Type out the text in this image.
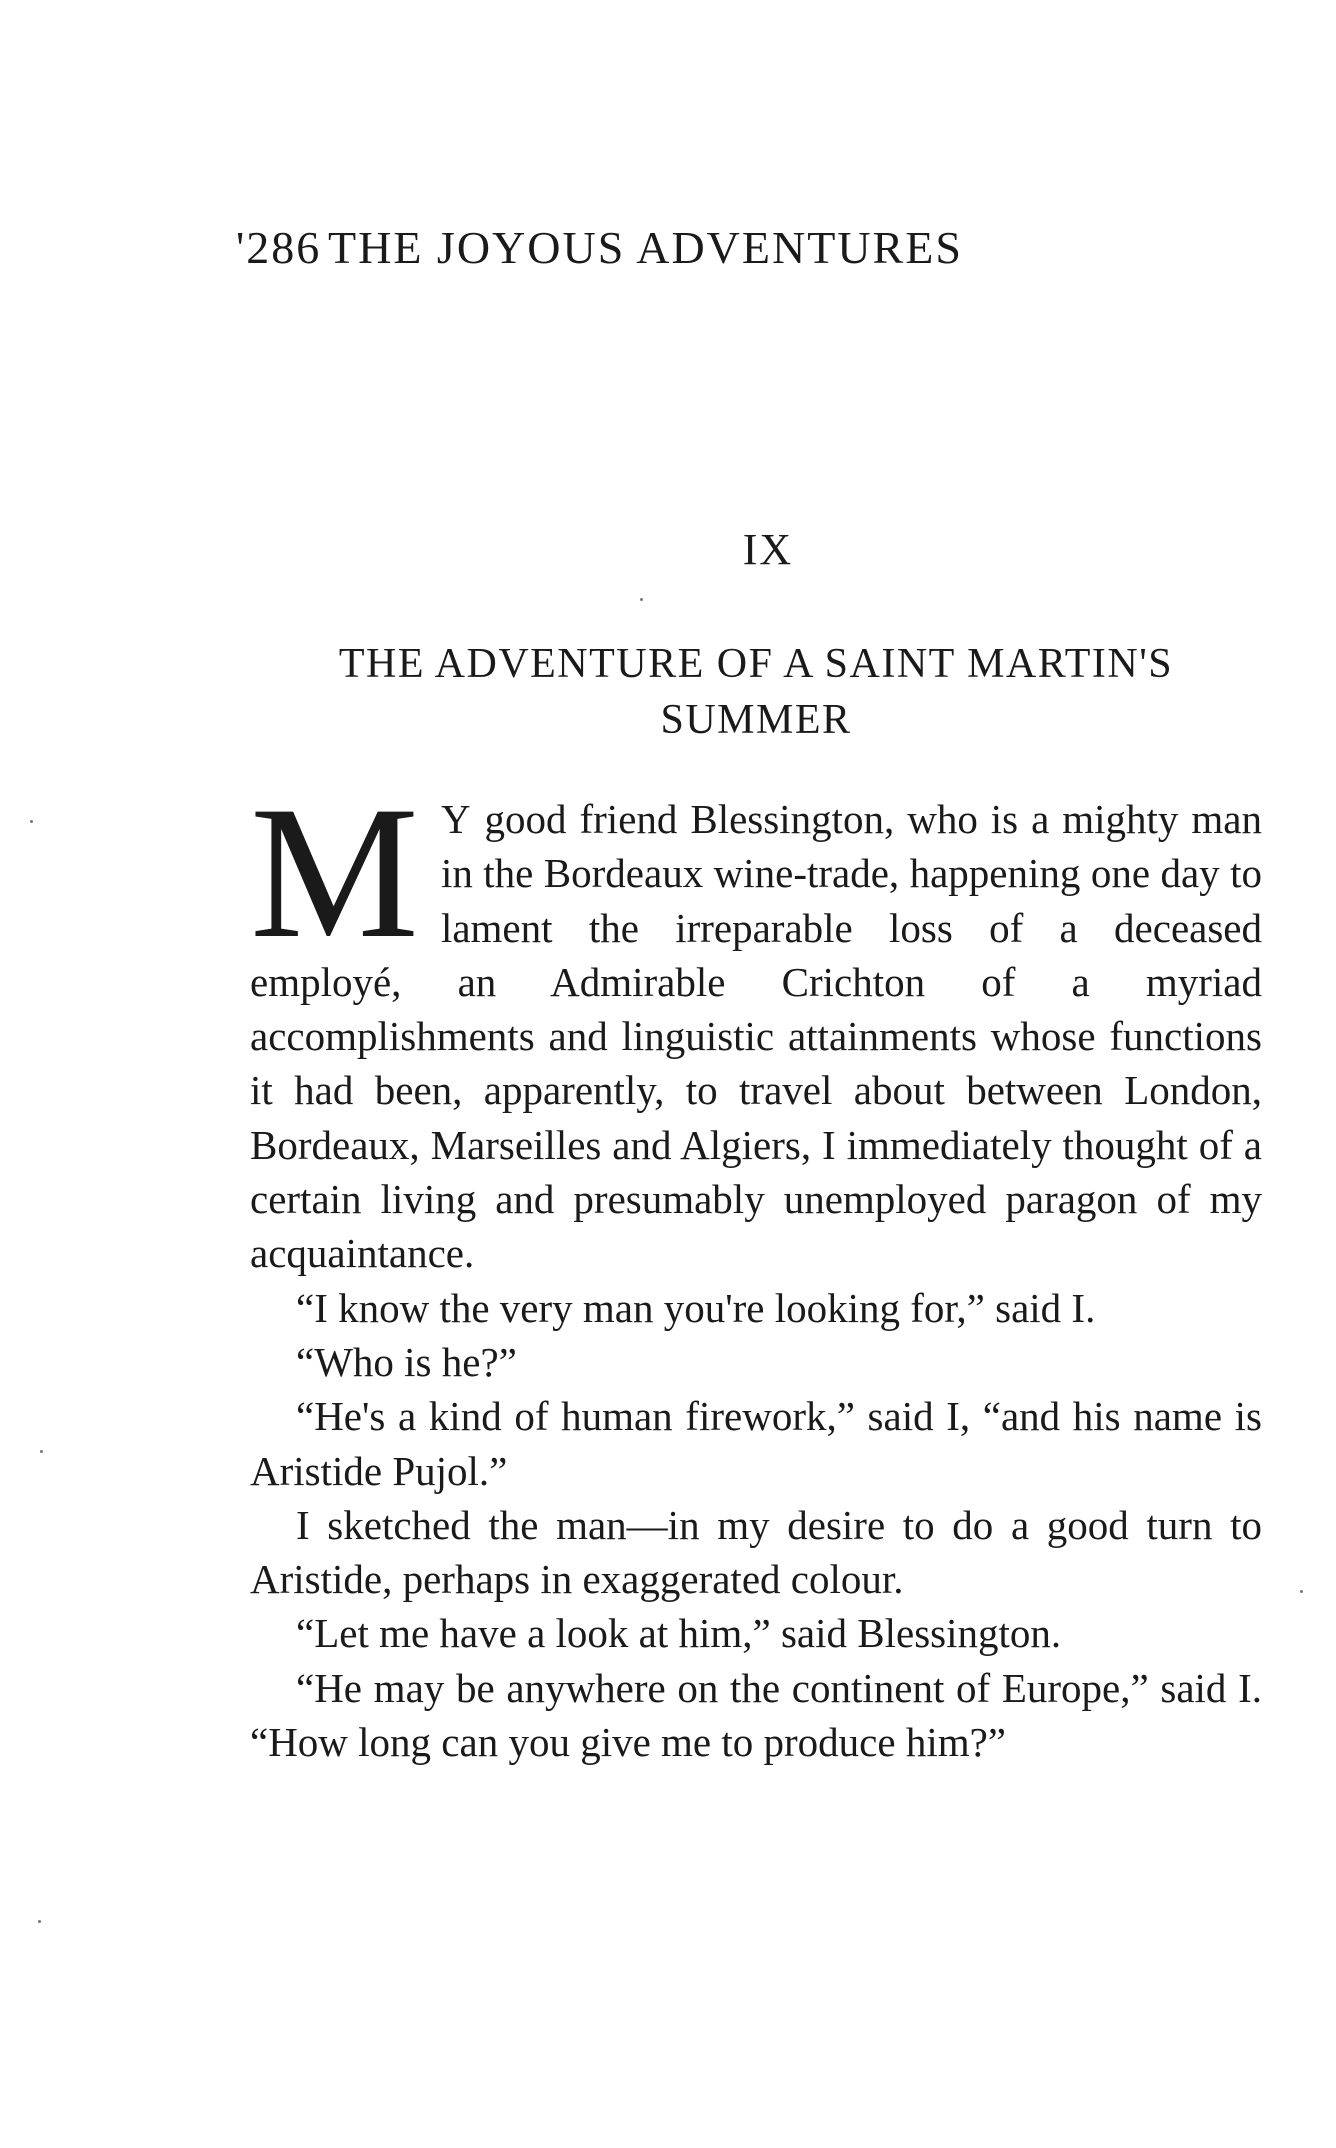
'286 THE JOYOUS ADVENTURES
IX
THE ADVENTURE OF A SAINT MARTIN'S SUMMER

M Y good friend Blessington, who is a mighty man in the Bordeaux wine-trade, happening one day to lament the irreparable loss of a deceased employé, an Admirable Crichton of a myriad accomplishments and linguistic attainments whose functions it had been, apparently, to travel about between London, Bordeaux, Marseilles and Algiers, I immediately thought of a certain living and presumably unemployed paragon of my acquaintance.

“I know the very man you're looking for,” said I.

“Who is he?”

“He's a kind of human firework,” said I, “and his name is Aristide Pujol.”

I sketched the man—in my desire to do a good turn to Aristide, perhaps in exaggerated colour.

“Let me have a look at him,” said Blessington.

“He may be anywhere on the continent of Europe,” said I. “How long can you give me to produce him?”
